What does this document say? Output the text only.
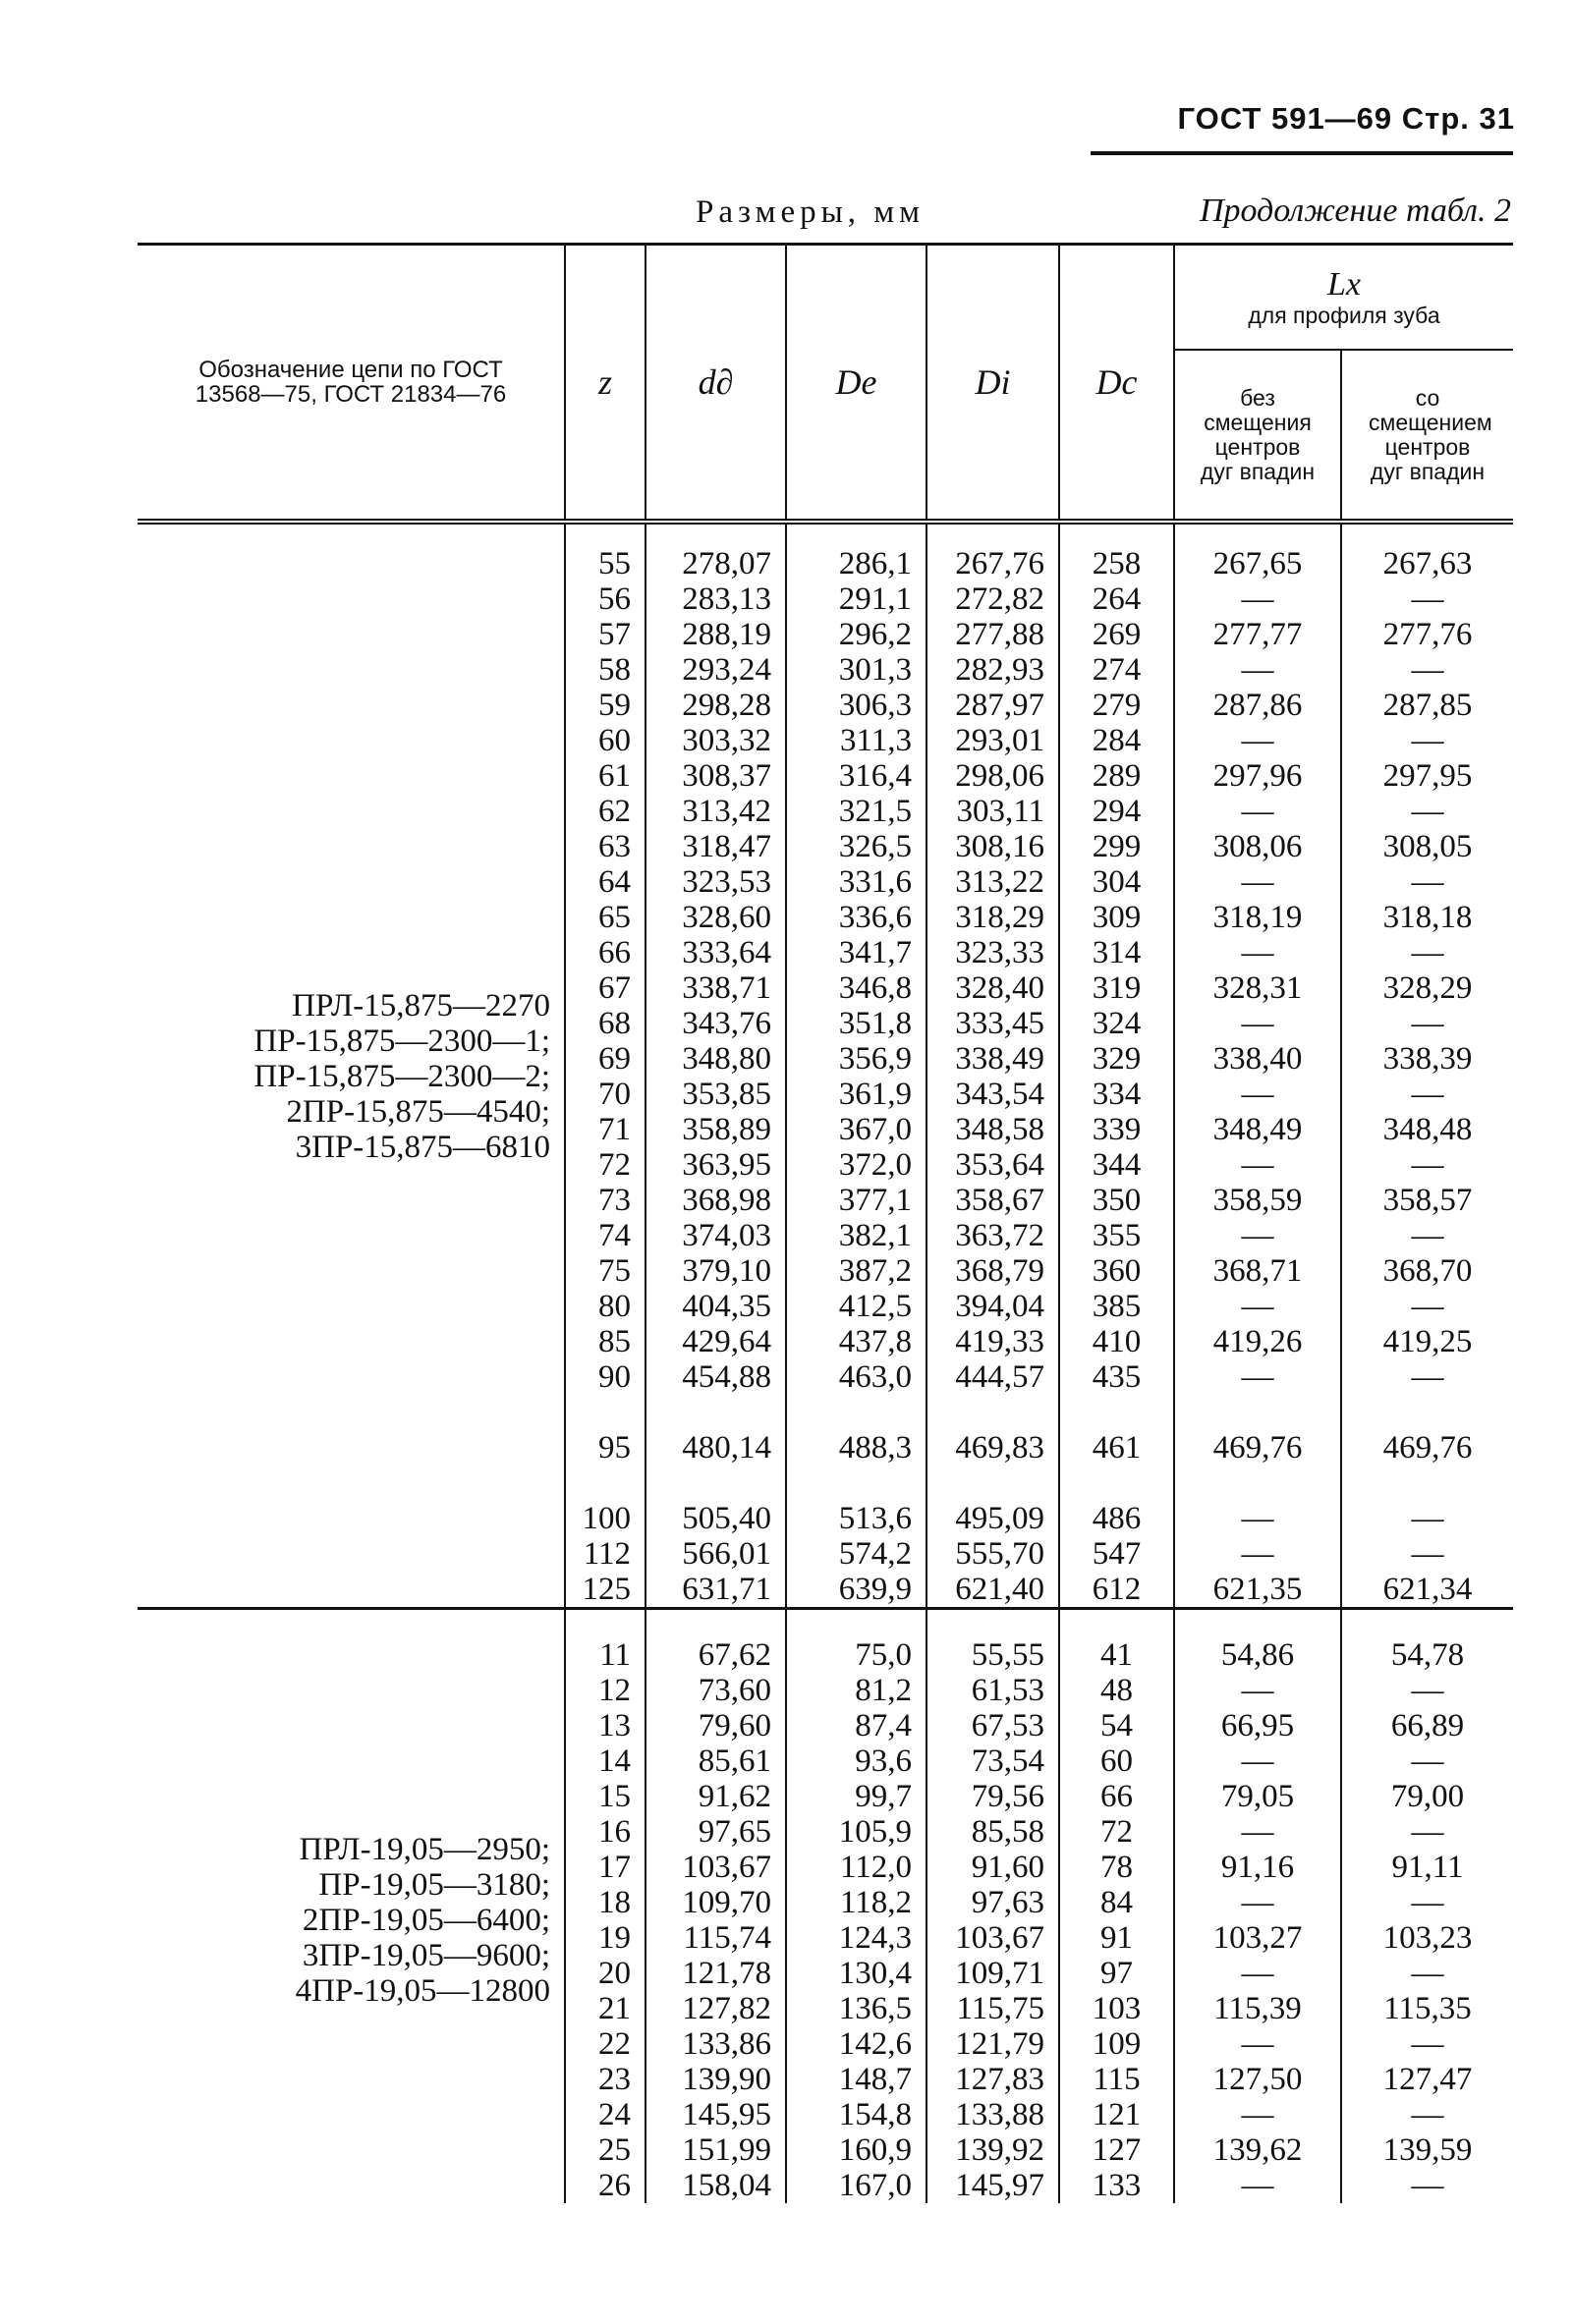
ГОСТ 591—69 Стр. 31
Размеры, мм	Продолжение табл. 2
Обозначение цепи по ГОСТ 13568—75, ГОСТ 21834—76	z	d∂	De	Di	Dc	Lx
для профиля зуба	

						без смещения центров дуг впадин	со смещением центров дуг впадин

ПРЛ-15,875—2270
ПР-15,875—2300—1;
ПР-15,875—2300—2;
2ПР-15,875—4540;
3ПР-15,875—6810	55	278,07	286,1	267,76	258	267,65	267,63
	56	283,13	291,1	272,82	264	—	—
	57	288,19	296,2	277,88	269	277,77	277,76
	58	293,24	301,3	282,93	274	—	—
	59	298,28	306,3	287,97	279	287,86	287,85
	60	303,32	311,3	293,01	284	—	—
	61	308,37	316,4	298,06	289	297,96	297,95
	62	313,42	321,5	303,11	294	—	—
	63	318,47	326,5	308,16	299	308,06	308,05
	64	323,53	331,6	313,22	304	—	—
	65	328,60	336,6	318,29	309	318,19	318,18
	66	333,64	341,7	323,33	314	—	—
	67	338,71	346,8	328,40	319	328,31	328,29
	68	343,76	351,8	333,45	324	—	—
	69	348,80	356,9	338,49	329	338,40	338,39
	70	353,85	361,9	343,54	334	—	—
	71	358,89	367,0	348,58	339	348,49	348,48
	72	363,95	372,0	353,64	344	—	—
	73	368,98	377,1	358,67	350	358,59	358,57
	74	374,03	382,1	363,72	355	—	—
	75	379,10	387,2	368,79	360	368,71	368,70
	80	404,35	412,5	394,04	385	—	—
	85	429,64	437,8	419,33	410	419,26	419,25
	90	454,88	463,0	444,57	435	—	—
	95	480,14	488,3	469,83	461	469,76	469,76
	100	505,40	513,6	495,09	486	—	—
	112	566,01	574,2	555,70	547	—	—
	125	631,71	639,9	621,40	612	621,35	621,34

ПРЛ-19,05—2950;
ПР-19,05—3180;
2ПР-19,05—6400;
3ПР-19,05—9600;
4ПР-19,05—12800	11	67,62	75,0	55,55	41	54,86	54,78
	12	73,60	81,2	61,53	48	—	—
	13	79,60	87,4	67,53	54	66,95	66,89
	14	85,61	93,6	73,54	60	—	—
	15	91,62	99,7	79,56	66	79,05	79,00
	16	97,65	105,9	85,58	72	—	—
	17	103,67	112,0	91,60	78	91,16	91,11
	18	109,70	118,2	97,63	84	—	—
	19	115,74	124,3	103,67	91	103,27	103,23
	20	121,78	130,4	109,71	97	—	—
	21	127,82	136,5	115,75	103	115,39	115,35
	22	133,86	142,6	121,79	109	—	—
	23	139,90	148,7	127,83	115	127,50	127,47
	24	145,95	154,8	133,88	121	—	—
	25	151,99	160,9	139,92	127	139,62	139,59
	26	158,04	167,0	145,97	133	—	—
